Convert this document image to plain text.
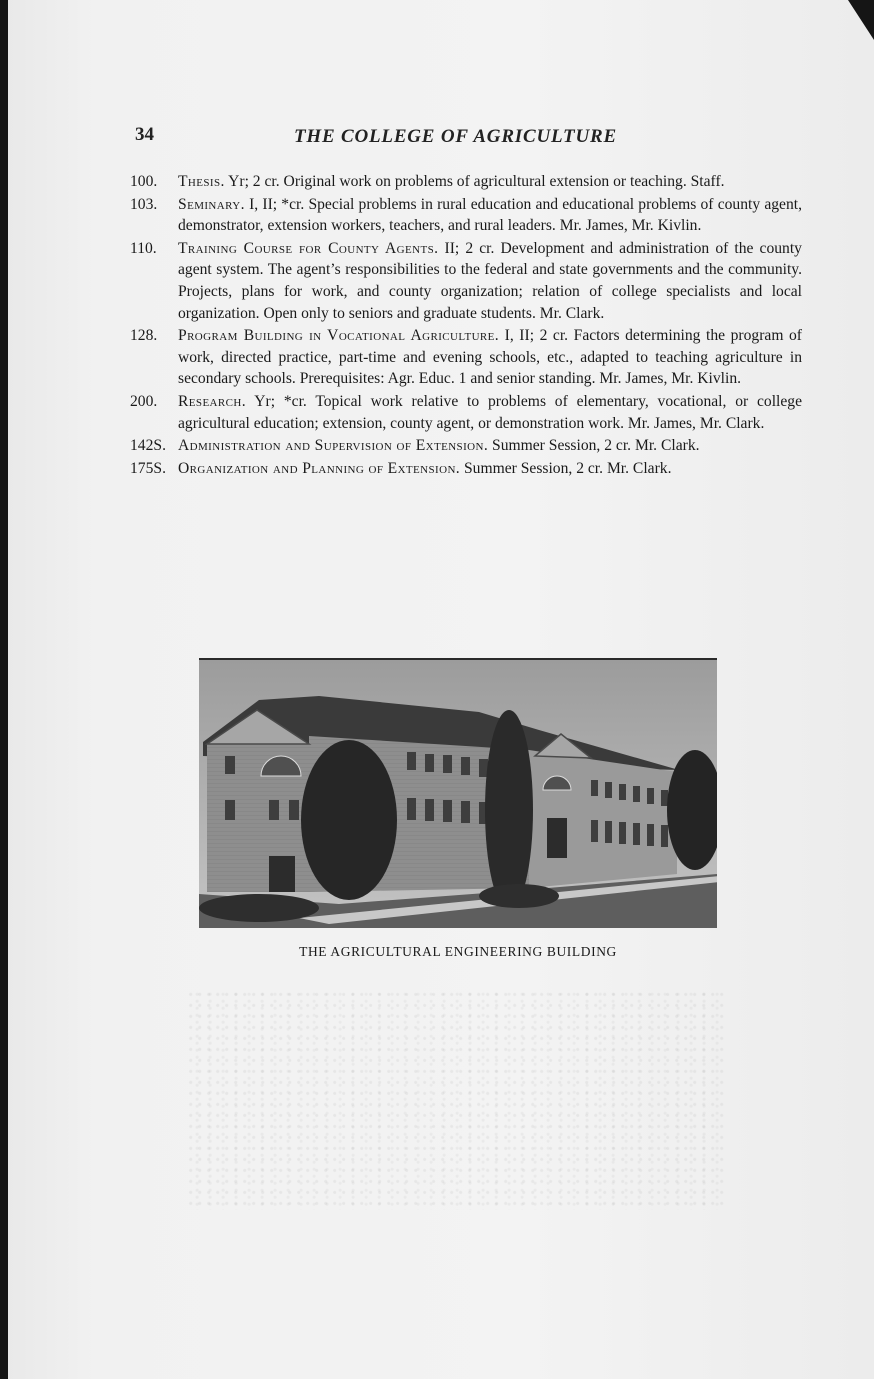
34	THE COLLEGE OF AGRICULTURE
100.	Thesis. Yr; 2 cr. Original work on problems of agricultural extension or teaching. Staff.
103.	Seminary. I, II; *cr. Special problems in rural education and educational problems of county agent, demonstrator, extension workers, teachers, and rural leaders. Mr. James, Mr. Kivlin.
110.	Training Course for County Agents. II; 2 cr. Development and administration of the county agent system. The agent’s responsibilities to the federal and state governments and the community. Projects, plans for work, and county organization; relation of college specialists and local organization. Open only to seniors and graduate students. Mr. Clark.
128.	Program Building in Vocational Agriculture. I, II; 2 cr. Factors determining the program of work, directed practice, part-time and evening schools, etc., adapted to teaching agriculture in secondary schools. Prerequisites: Agr. Educ. 1 and senior standing. Mr. James, Mr. Kivlin.
200.	Research. Yr; *cr. Topical work relative to problems of elementary, vocational, or college agricultural education; extension, county agent, or demonstration work. Mr. James, Mr. Clark.
142S. Administration and Supervision of Extension. Summer Session, 2 cr. Mr. Clark.
175S. Organization and Planning of Extension. Summer Session, 2 cr. Mr. Clark.
THE AGRICULTURAL ENGINEERING BUILDING
